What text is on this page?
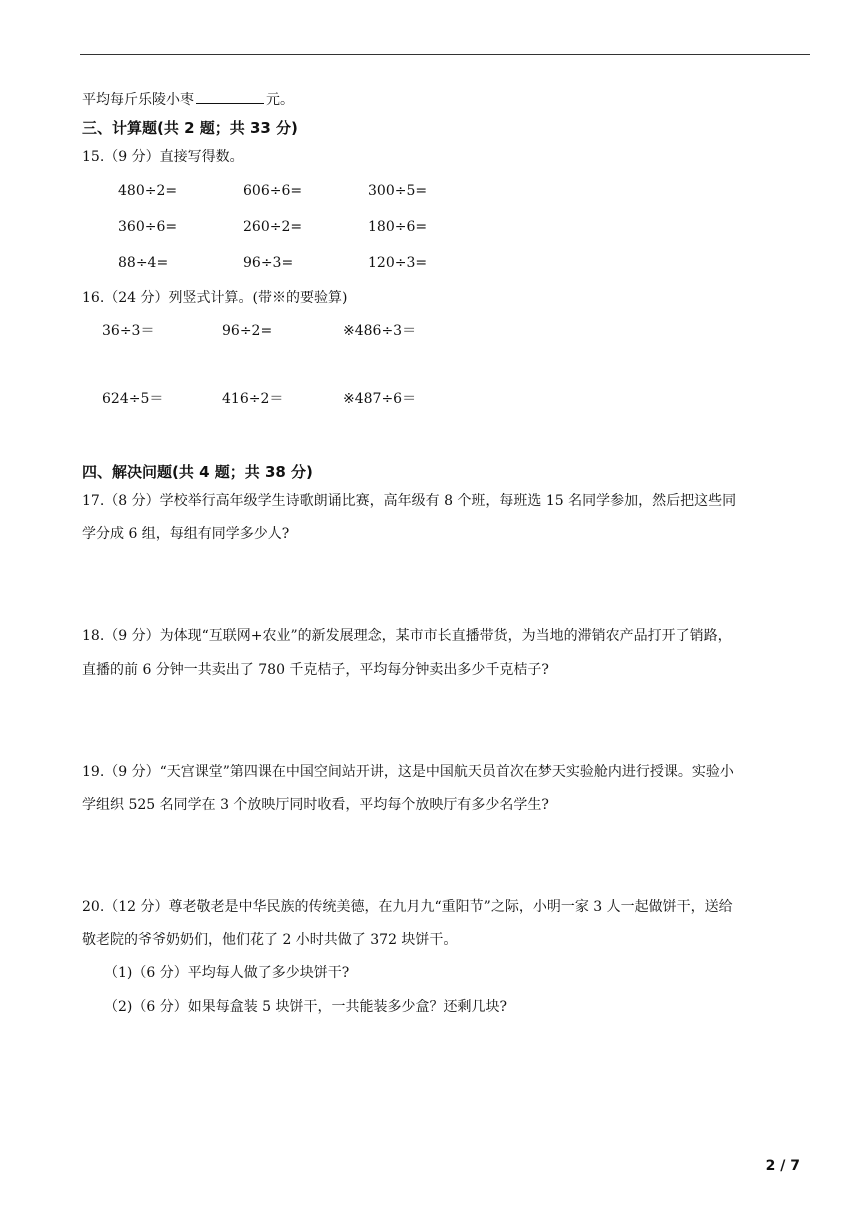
平均每斤乐陵小枣	元。
三、计算题(共 2 题；共 33 分)
15.（9 分）直接写得数。
480÷2=	606÷6=	300÷5=
360÷6=	260÷2=	180÷6=
88÷4=	96÷3=	120÷3=
16.（24 分）列竖式计算。(带※的要验算)
36÷3＝	96÷2=	※486÷3＝
624÷5＝	416÷2＝	※487÷6＝
四、解决问题(共 4 题；共 38 分)
17.（8 分）学校举行高年级学生诗歌朗诵比赛，高年级有 8 个班，每班选 15 名同学参加，然后把这些同
学分成 6 组，每组有同学多少人?
18.（9 分）为体现“互联网+农业”的新发展理念，某市市长直播带货，为当地的滞销农产品打开了销路，
直播的前 6 分钟一共卖出了 780 千克桔子，平均每分钟卖出多少千克桔子?
19.（9 分）“天宫课堂”第四课在中国空间站开讲，这是中国航天员首次在梦天实验舱内进行授课。实验小
学组织 525 名同学在 3 个放映厅同时收看，平均每个放映厅有多少名学生?
20.（12 分）尊老敬老是中华民族的传统美德，在九月九“重阳节”之际，小明一家 3 人一起做饼干，送给
敬老院的爷爷奶奶们，他们花了 2 小时共做了 372 块饼干。
（1)（6 分）平均每人做了多少块饼干?
（2)（6 分）如果每盒装 5 块饼干，一共能装多少盒？还剩几块?
2 / 7
